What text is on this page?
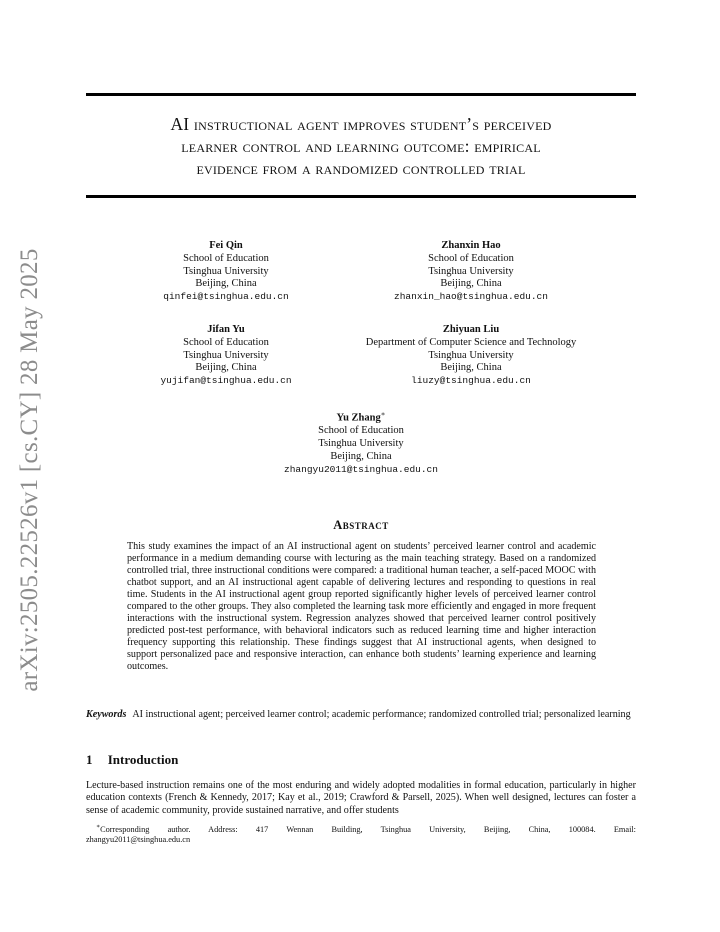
AI instructional agent improves student’s perceived
learner control and learning outcome: empirical
evidence from a randomized controlled trial
arXiv:2505.22526v1 [cs.CY] 28 May 2025
Fei Qin
School of Education
Tsinghua University
Beijing, China
qinfei@tsinghua.edu.cn
Zhanxin Hao
School of Education
Tsinghua University
Beijing, China
zhanxin_hao@tsinghua.edu.cn
Jifan Yu
School of Education
Tsinghua University
Beijing, China
yujifan@tsinghua.edu.cn
Zhiyuan Liu
Department of Computer Science and Technology
Tsinghua University
Beijing, China
liuzy@tsinghua.edu.cn
Yu Zhang∗
School of Education
Tsinghua University
Beijing, China
zhangyu2011@tsinghua.edu.cn
Abstract
This study examines the impact of an AI instructional agent on students’ perceived learner control and academic performance in a medium demanding course with lecturing as the main teaching strategy. Based on a randomized controlled trial, three instructional conditions were compared: a traditional human teacher, a self-paced MOOC with chatbot support, and an AI instructional agent capable of delivering lectures and responding to questions in real time. Students in the AI instructional agent group reported significantly higher levels of perceived learner control compared to the other groups. They also completed the learning task more efficiently and engaged in more frequent interactions with the instructional system. Regression analyzes showed that perceived learner control positively predicted post-test performance, with behavioral indicators such as reduced learning time and higher interaction frequency supporting this relationship. These findings suggest that AI instructional agents, when designed to support personalized pace and responsive interaction, can enhance both students’ learning experience and learning outcomes.
Keywords AI instructional agent; perceived learner control; academic performance; randomized controlled trial; personalized learning
1 Introduction
Lecture-based instruction remains one of the most enduring and widely adopted modalities in formal education, particularly in higher education contexts (French & Kennedy, 2017; Kay et al., 2019; Crawford & Parsell, 2025). When well designed, lectures can foster a sense of academic community, provide sustained narrative, and offer students
∗Corresponding author. Address: 417 Wennan Building, Tsinghua University, Beijing, China, 100084. Email:
zhangyu2011@tsinghua.edu.cn
